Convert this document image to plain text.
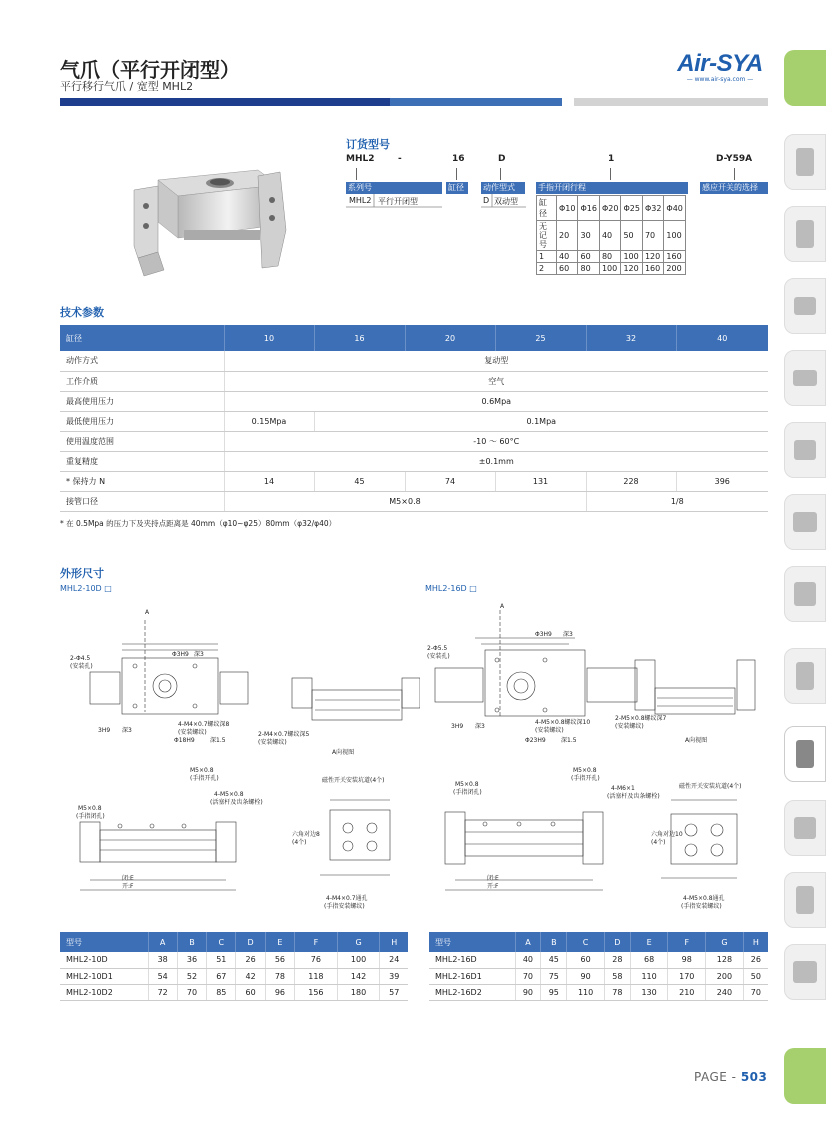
气爪（平行开闭型）
平行移行气爪 / 宽型 MHL2
Air-SYA
— www.air-sya.com —
订货型号
MHL2	-	16	D	1	D-Y59A
系列号	缸径	动作型式	手指开闭行程	感应开关的选择
MHL2 平行开闭型	D 双动型	缸径	Φ10	Φ16	Φ20	Φ25	Φ32	Φ40
无记号	20	30	40	50	70	100
1	40	60	80	100	120	160
2	60	80	100	120	160	200
技术参数
缸径	10	16	20	25	32	40
动作方式	复动型					
工作介质	空气					
最高使用压力	0.6Mpa					
最低使用压力	0.15Mpa	0.1Mpa				
使用温度范围	-10 ～ 60°C					
重复精度	±0.1mm					
* 保持力 N	14	45	74	131	228	396
接管口径	M5×0.8				1/8	
* 在 0.5Mpa 的压力下及夹持点距离是 40mm（φ10~φ25）80mm（φ32/φ40）
外形尺寸
MHL2-10D □	MHL2-16D □
A
2-Φ4.5
(安装孔)
Φ3H9 深3
4-M4×0.7螺纹深8
(安装螺纹)
Φ18H9	深1.5
3H9 深3
2-M4×0.7螺纹深5
(安装螺纹)
A向视图
M5×0.8
(手指开孔)
4-M5×0.8
(活塞杆及齿条螺栓)
M5×0.8
(手指闭孔)
闭:E
开:F
磁性开关安装坑道(4个)
六角对边8
(4个)
4-M4×0.7通孔
(手指安装螺纹)
A
2-Φ5.5
(安装孔)
Φ3H9 深3
4-M5×0.8螺纹深10
(安装螺纹)
Φ23H9	深1.5
3H9 深3
2-M5×0.8螺纹深7
(安装螺纹)
A向视图
M5×0.8
(手指开孔)
M5×0.8
(手指闭孔)
4-M6×1
(活塞杆及齿条螺栓)
闭:E
开:F
磁性开关安装坑道(4个)
六角对边10
(4个)
4-M5×0.8通孔
(手指安装螺纹)
型号	A	B	C	D	E	F	G	H
MHL2-10D	38	36	51	26	56	76	100	24
MHL2-10D1	54	52	67	42	78	118	142	39
MHL2-10D2	72	70	85	60	96	156	180	57
型号	A	B	C	D	E	F	G	H
MHL2-16D	40	45	60	28	68	98	128	26
MHL2-16D1	70	75	90	58	110	170	200	50
MHL2-16D2	90	95	110	78	130	210	240	70
PAGE - 503
